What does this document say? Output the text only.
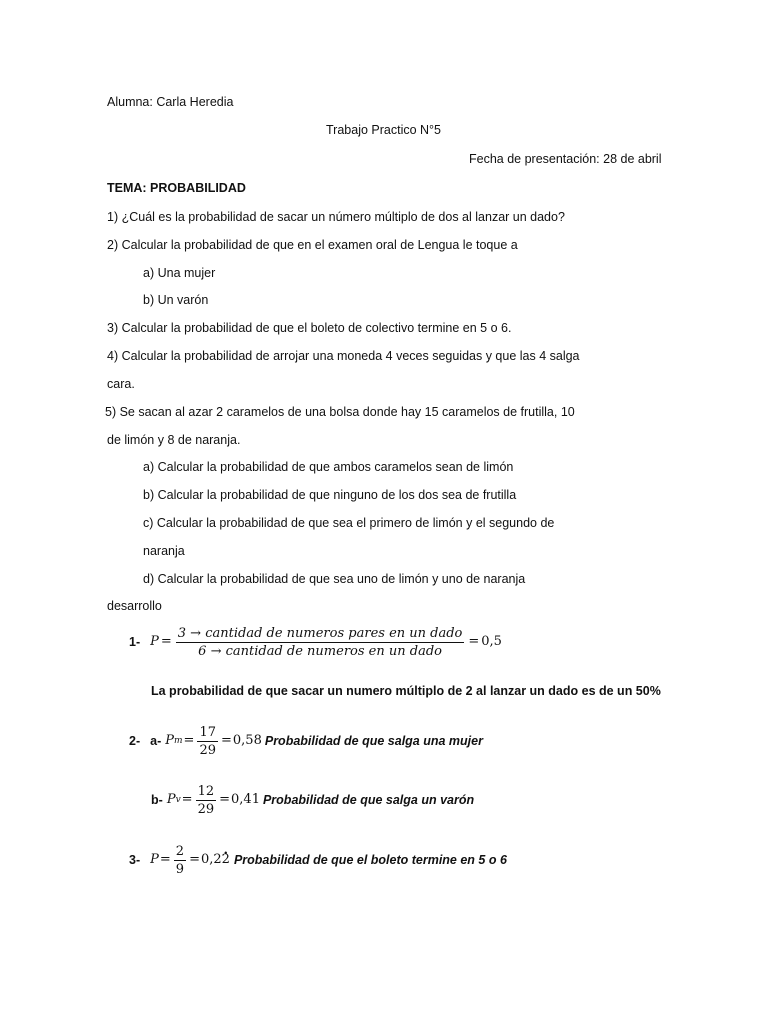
Alumna: Carla Heredia
Trabajo Practico N°5
Fecha de presentación: 28 de abril
TEMA: PROBABILIDAD
1) ¿Cuál es la probabilidad de sacar un número múltiplo de dos al lanzar un dado?
2) Calcular la probabilidad de que en el examen oral de Lengua le toque a
a) Una mujer
b) Un varón
3) Calcular la probabilidad de que el boleto de colectivo termine en 5 o 6.
4) Calcular la probabilidad de arrojar una moneda 4 veces seguidas y que las 4 salga
cara.
5) Se sacan al azar 2 caramelos de una bolsa donde hay 15 caramelos de frutilla, 10
de limón y 8 de naranja.
a) Calcular la probabilidad de que ambos caramelos sean de limón
b) Calcular la probabilidad de que ninguno de los dos sea de frutilla
c) Calcular la probabilidad de que sea el primero de limón y el segundo de
naranja
d) Calcular la probabilidad de que sea uno de limón y uno de naranja
desarrollo
1- $P = \frac{\text{3 → cantidad de numeros pares en un dado}}{\text{6 → cantidad de numeros en un dado}} = 0,5$
La probabilidad de que sacar un numero múltiplo de 2 al lanzar un dado es de un 50%
2- a- P $m = \frac{17}{29} = 0,58$ Probabilidad de que salga una mujer
b- P $v = \frac{12}{29} = 0,41$ Probabilidad de que salga un varón
3- $P = \frac{2}{9} = 0,2$ 2 . Probabilidad de que el boleto termine en 5 o 6
